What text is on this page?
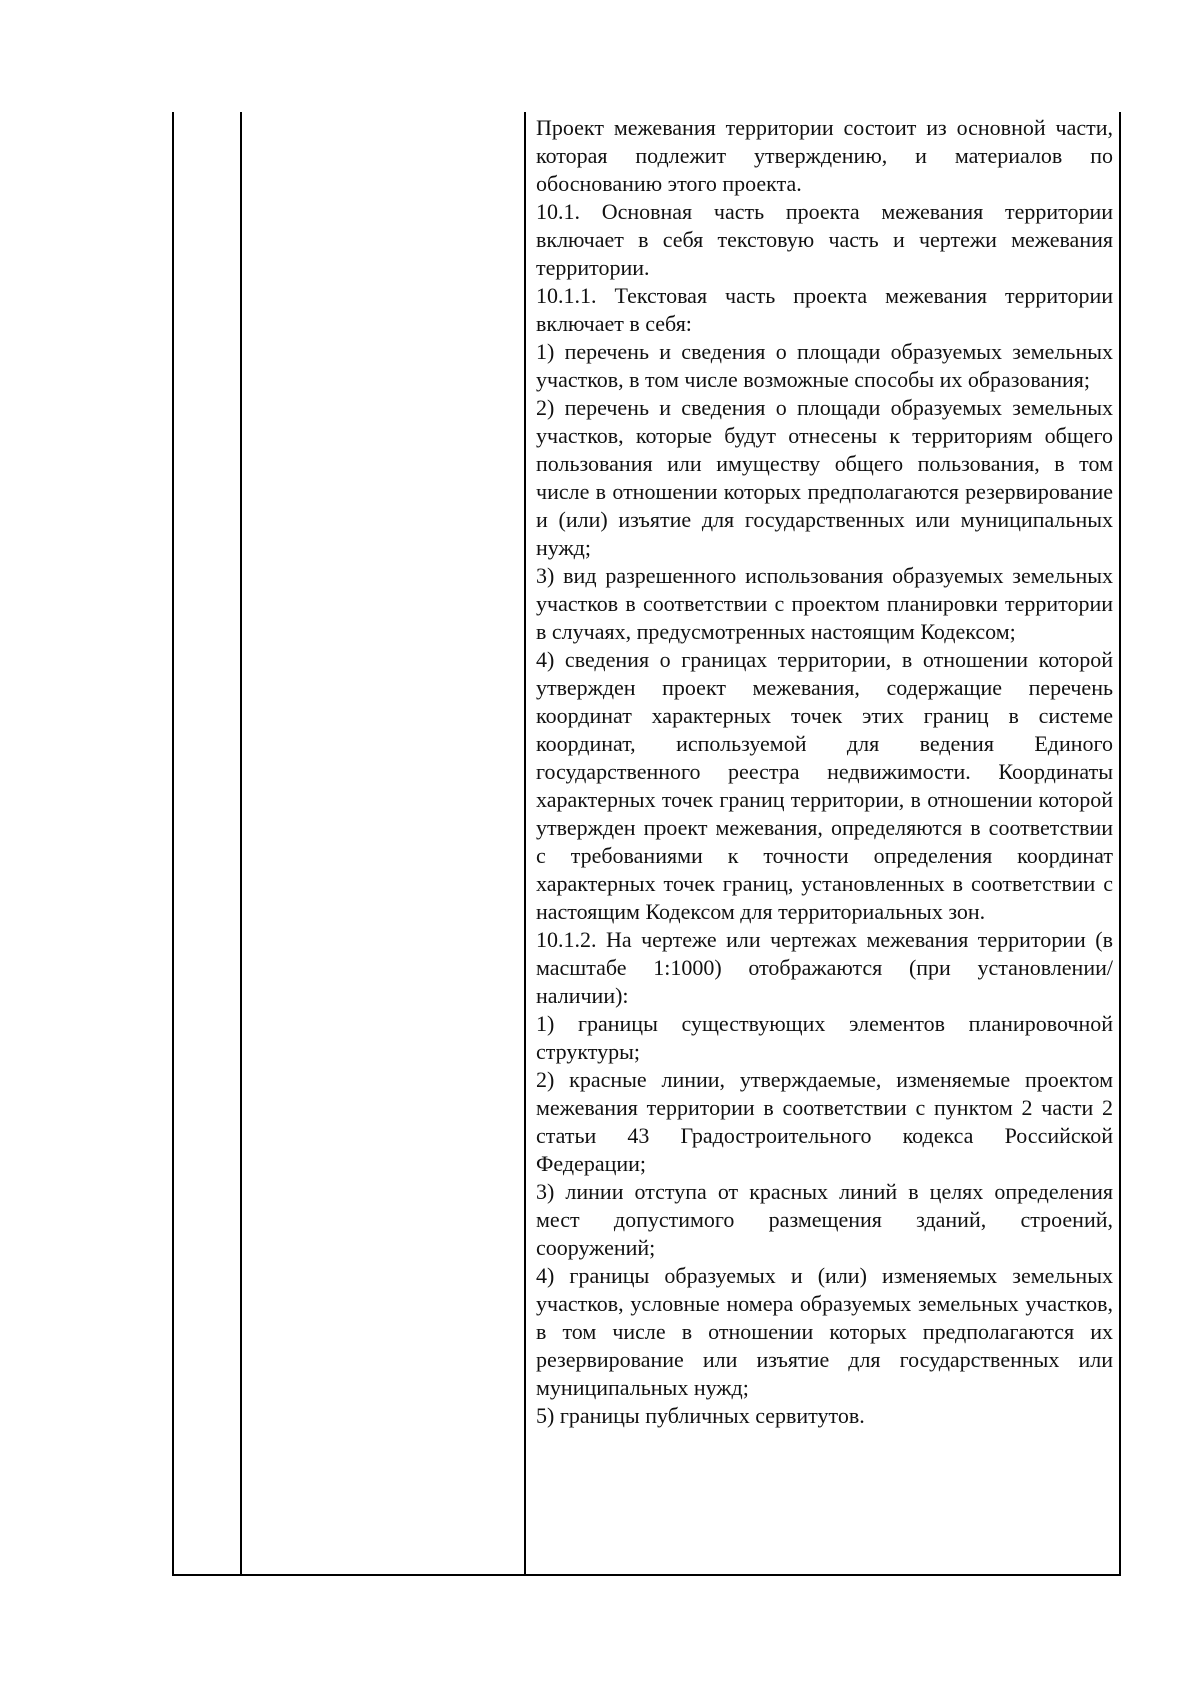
Проект межевания территории состоит из основной части, которая подлежит утверждению, и материалов по обоснованию этого проекта.

10.1. Основная часть проекта межевания территории включает в себя текстовую часть и чертежи межевания территории.

10.1.1. Текстовая часть проекта межевания территории включает в себя:

1) перечень и сведения о площади образуемых земельных участков, в том числе возможные способы их образования;

2) перечень и сведения о площади образуемых земельных участков, которые будут отнесены к территориям общего пользования или имуществу общего пользования, в том числе в отношении которых предполагаются резервирование и (или) изъятие для государственных или муниципальных нужд;

3) вид разрешенного использования образуемых земельных участков в соответствии с проектом планировки территории в случаях, предусмотренных настоящим Кодексом;

4) сведения о границах территории, в отношении которой утвержден проект межевания, содержащие перечень координат характерных точек этих границ в системе координат, используемой для ведения Единого государственного реестра недвижимости. Координаты характерных точек границ территории, в отношении которой утвержден проект межевания, определяются в соответствии с требованиями к точности определения координат характерных точек границ, установленных в соответствии с настоящим Кодексом для территориальных зон.

10.1.2. На чертеже или чертежах межевания территории (в масштабе 1:1000) отображаются (при установлении/наличии):

1) границы существующих элементов планировочной структуры;

2) красные линии, утверждаемые, изменяемые проектом межевания территории в соответствии с пунктом 2 части 2 статьи 43 Градостроительного кодекса Российской Федерации;

3) линии отступа от красных линий в целях определения мест допустимого размещения зданий, строений, сооружений;

4) границы образуемых и (или) изменяемых земельных участков, условные номера образуемых земельных участков, в том числе в отношении которых предполагаются их резервирование или изъятие для государственных или муниципальных нужд;

5) границы публичных сервитутов.
